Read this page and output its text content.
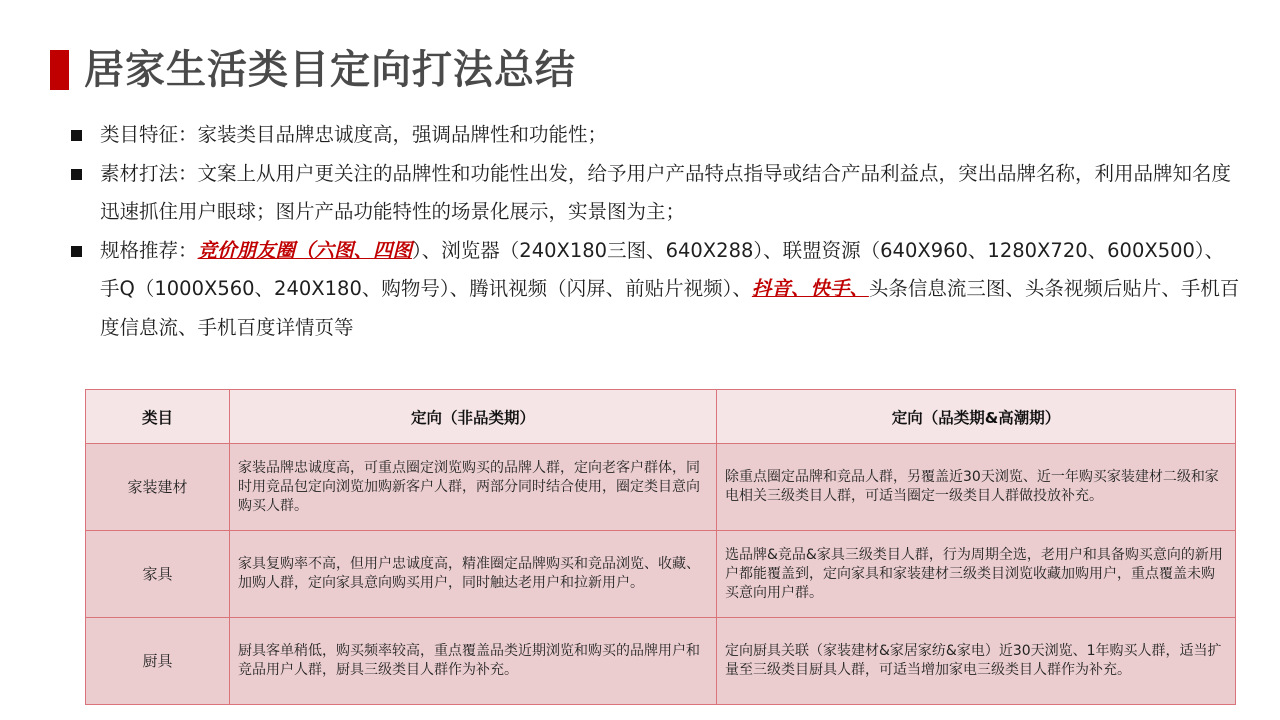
居家生活类目定向打法总结
类目特征：家装类目品牌忠诚度高，强调品牌性和功能性；
素材打法：文案上从用户更关注的品牌性和功能性出发，给予用户产品特点指导或结合产品利益点，突出品牌名称，利用品牌知名度迅速抓住用户眼球；图片产品功能特性的场景化展示，实景图为主；
规格推荐：竞价朋友圈（六图、四图）、浏览器（240X180三图、640X288）、联盟资源（640X960、1280X720、600X500）、手Q（1000X560、240X180、购物号）、腾讯视频（闪屏、前贴片视频）、抖音、快手、头条信息流三图、头条视频后贴片、手机百度信息流、手机百度详情页等
类目	定向（非品类期）	定向（品类期&高潮期）
家装建材	家装品牌忠诚度高，可重点圈定浏览购买的品牌人群，定向老客户群体，同时用竞品包定向浏览加购新客户人群，两部分同时结合使用，圈定类目意向购买人群。	除重点圈定品牌和竞品人群，另覆盖近30天浏览、近一年购买家装建材二级和家电相关三级类目人群，可适当圈定一级类目人群做投放补充。
家具	家具复购率不高，但用户忠诚度高，精准圈定品牌购买和竞品浏览、收藏、加购人群，定向家具意向购买用户，同时触达老用户和拉新用户。	选品牌&竞品&家具三级类目人群，行为周期全选，老用户和具备购买意向的新用户都能覆盖到，定向家具和家装建材三级类目浏览收藏加购用户，重点覆盖未购买意向用户群。
厨具	厨具客单稍低，购买频率较高，重点覆盖品类近期浏览和购买的品牌用户和竞品用户人群，厨具三级类目人群作为补充。	定向厨具关联（家装建材&家居家纺&家电）近30天浏览、1年购买人群，适当扩量至三级类目厨具人群，可适当增加家电三级类目人群作为补充。
